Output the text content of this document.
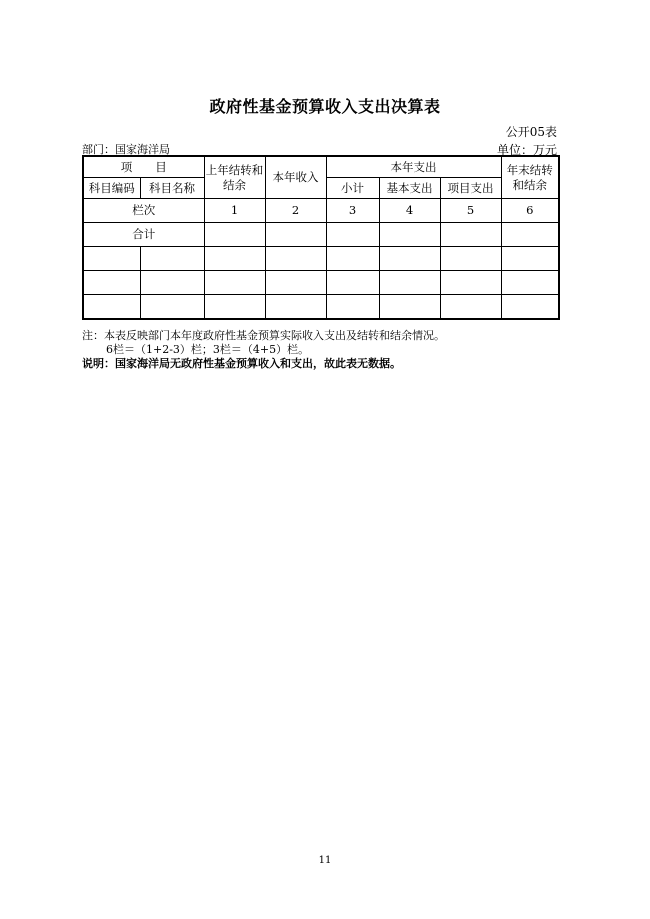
政府性基金预算收入支出决算表
公开05表
部门：国家海洋局	单位：万元
项　　目		上年结转和结余	本年收入	本年支出			年末结转和结余
科目编码	科目名称			小计	基本支出	项目支出	
栏次		1	2	3	4	5	6
合计							

注：本表反映部门本年度政府性基金预算实际收入支出及结转和结余情况。
6栏＝（1+2-3）栏；3栏＝（4+5）栏。
说明：国家海洋局无政府性基金预算收入和支出，故此表无数据。
11
